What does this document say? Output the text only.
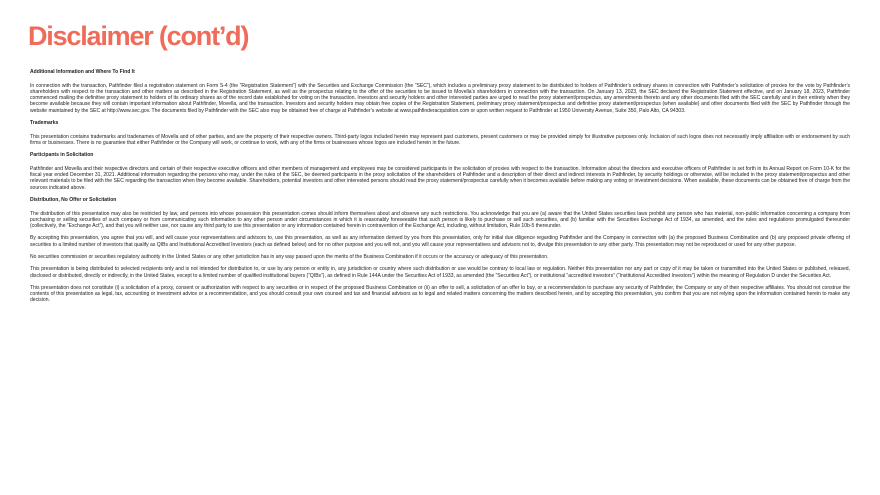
Disclaimer (cont’d)

Additional Information and Where To Find It

In connection with the transaction, Pathfinder filed a registration statement on Form S-4 (the “Registration Statement”) with the Securities and Exchange Commission (the “SEC”), which includes a preliminary proxy statement to be distributed to holders of Pathfinder’s ordinary shares in connection with Pathfinder’s solicitation of proxies for the vote by Pathfinder’s shareholders with respect to the transaction and other matters as described in the Registration Statement, as well as the prospectus relating to the offer of the securities to be issued to Movella’s shareholders in connection with the transaction. On January 13, 2023, the SEC declared the Registration Statement effective, and on January 18, 2023, Pathfinder commenced mailing the definitive proxy statement to holders of its ordinary shares as of the record date established for voting on the transaction. Investors and security holders and other interested parties are urged to read the proxy statement/prospectus, any amendments thereto and any other documents filed with the SEC carefully and in their entirety when they become available because they will contain important information about Pathfinder, Movella, and the transaction. Investors and security holders may obtain free copies of the Registration Statement, preliminary proxy statement/prospectus and definitive proxy statement/prospectus (when available) and other documents filed with the SEC by Pathfinder through the website maintained by the SEC at http://www.sec.gov. The documents filed by Pathfinder with the SEC also may be obtained free of charge at Pathfinder’s website at www.pathfinderacquisition.com or upon written request to Pathfinder at 1950 University Avenue, Suite 350, Palo Alto, CA 94303.

Trademarks

This presentation contains trademarks and tradenames of Movella and of other parties, and are the property of their respective owners. Third-party logos included herein may represent past customers, present customers or may be provided simply for illustrative purposes only. Inclusion of such logos does not necessarily imply affiliation with or endorsement by such firms or businesses. There is no guarantee that either Pathfinder or the Company will work, or continue to work, with any of the firms or businesses whose logos are included herein in the future.

Participants in Solicitation

Pathfinder and Movella and their respective directors and certain of their respective executive officers and other members of management and employees may be considered participants in the solicitation of proxies with respect to the transaction. Information about the directors and executive officers of Pathfinder is set forth in its Annual Report on Form 10-K for the fiscal year ended December 31, 2021. Additional information regarding the persons who may, under the rules of the SEC, be deemed participants in the proxy solicitation of the shareholders of Pathfinder and a description of their direct and indirect interests in Pathfinder, by security holdings or otherwise, will be included in the proxy statement/prospectus and other relevant materials to be filed with the SEC regarding the transaction when they become available. Shareholders, potential investors and other interested persons should read the proxy statement/prospectus carefully when it becomes available before making any voting or investment decisions. When available, these documents can be obtained free of charge from the sources indicated above.

Distribution, No Offer or Solicitation

The distribution of this presentation may also be restricted by law, and persons into whose possession this presentation comes should inform themselves about and observe any such restrictions. You acknowledge that you are (a) aware that the United States securities laws prohibit any person who has material, non-public information concerning a company from purchasing or selling securities of such company or from communicating such information to any other person under circumstances in which it is reasonably foreseeable that such person is likely to purchase or sell such securities, and (b) familiar with the Securities Exchange Act of 1934, as amended, and the rules and regulations promulgated thereunder (collectively, the “Exchange Act”), and that you will neither use, nor cause any third party to use this presentation or any information contained herein in contravention of the Exchange Act, including, without limitation, Rule 10b-5 thereunder.

By accepting this presentation, you agree that you will, and will cause your representatives and advisors to, use this presentation, as well as any information derived by you from this presentation, only for initial due diligence regarding Pathfinder and the Company in connection with (a) the proposed Business Combination and (b) any proposed private offering of securities to a limited number of investors that qualify as QIBs and Institutional Accredited Investors (each as defined below) and for no other purpose and you will not, and you will cause your representatives and advisors not to, divulge this presentation to any other party. This presentation may not be reproduced or used for any other purpose.

No securities commission or securities regulatory authority in the United States or any other jurisdiction has in any way passed upon the merits of the Business Combination if it occurs or the accuracy or adequacy of this presentation.

This presentation is being distributed to selected recipients only and is not intended for distribution to, or use by any person or entity in, any jurisdiction or country where such distribution or use would be contrary to local law or regulation. Neither this presentation nor any part or copy of it may be taken or transmitted into the United States or published, released, disclosed or distributed, directly or indirectly, in the United States, except to a limited number of qualified institutional buyers (“QIBs”), as defined in Rule 144A under the Securities Act of 1933, as amended (the “Securities Act”), or institutional “accredited investors” (“Institutional Accredited Investors”) within the meaning of Regulation D under the Securities Act.

This presentation does not constitute (i) a solicitation of a proxy, consent or authorization with respect to any securities or in respect of the proposed Business Combination or (ii) an offer to sell, a solicitation of an offer to buy, or a recommendation to purchase any security of Pathfinder, the Company or any of their respective affiliates. You should not construe the contents of this presentation as legal, tax, accounting or investment advice or a recommendation, and you should consult your own counsel and tax and financial advisors as to legal and related matters concerning the matters described herein, and by accepting this presentation, you confirm that you are not relying upon the information contained herein to make any decision.
